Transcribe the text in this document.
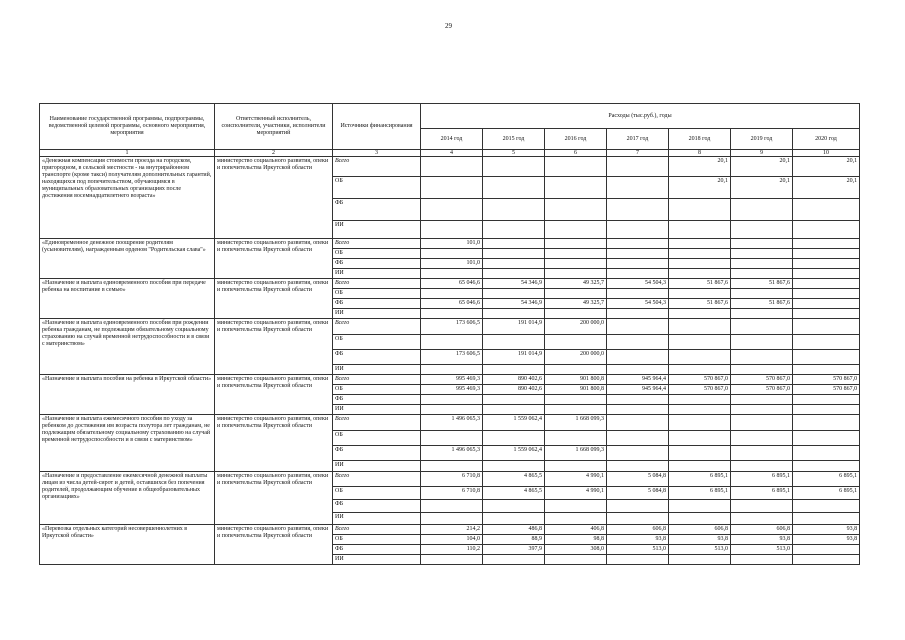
29
Наименование государственной программы, подпрограммы, ведомственной целевой программы, основного мероприятия, мероприятия	Ответственный исполнитель, соисполнители, участники, исполнители мероприятий	Источники финансирования	Расходы (тыс.руб.), годы						
			2014 год	2015 год	2016 год	2017 год	2018 год	2019 год	2020 год
1	2	3	4	5	6	7	8	9	10
«Денежная компенсация стоимости проезда на городском, пригородном, в сельской местности - на внутрирайонном транспорте (кроме такси) получателям дополнительных гарантий, находящихся под попечительством, обучающимся в муниципальных образовательных организациях после достижения восемнадцатилетнего возраста»	министерство социального развития, опеки и попечительства Иркутской области	Всего					20,1	20,1	20,1
		ОБ					20,1	20,1	20,1
		ФБ							
		ИИ							
«Единовременное денежное поощрение родителям (усыновителям), награжденным орденом "Родительская слава"»	министерство социального развития, опеки и попечительства Иркутской области	Всего	101,0						
		ОБ							
		ФБ	101,0						
		ИИ							
«Назначение и выплата единовременного пособия при передаче ребенка на воспитание в семью»	министерство социального развития, опеки и попечительства Иркутской области	Всего	65 046,6	54 346,9	49 325,7	54 504,3	51 867,6	51 867,6	
		ОБ							
		ФБ	65 046,6	54 346,9	49 325,7	54 504,3	51 867,6	51 867,6	
		ИИ							
«Назначение и выплата единовременного пособия при рождении ребенка гражданам, не подлежащим обязательному социальному страхованию на случай временной нетрудоспособности и в связи с материнством»	министерство социального развития, опеки и попечительства Иркутской области	Всего	173 606,5	191 014,9	200 000,0				
		ОБ							
		ФБ	173 606,5	191 014,9	200 000,0				
		ИИ							
«Назначение и выплата пособия на ребенка в Иркутской области»	министерство социального развития, опеки и попечительства Иркутской области	Всего	995 469,3	890 402,6	901 800,8	945 964,4	570 867,0	570 867,0	570 867,0
		ОБ	995 469,3	890 402,6	901 800,8	945 964,4	570 867,0	570 867,0	570 867,0
		ФБ							
		ИИ							
«Назначение и выплата ежемесячного пособия по уходу за ребенком до достижения им возраста полутора лет гражданам, не подлежащим обязательному социальному страхованию на случай временной нетрудоспособности и в связи с материнством»	министерство социального развития, опеки и попечительства Иркутской области	Всего	1 496 065,3	1 559 062,4	1 668 099,3				
		ОБ							
		ФБ	1 496 065,3	1 559 062,4	1 668 099,3				
		ИИ							
«Назначение и предоставление ежемесячной денежной выплаты лицам из числа детей-сирот и детей, оставшихся без попечения родителей, продолжающим обучение в общеобразовательных организациях»	министерство социального развития, опеки и попечительства Иркутской области	Всего	6 710,8	4 865,5	4 990,1	5 084,8	6 895,1	6 895,1	6 895,1
		ОБ	6 710,8	4 865,5	4 990,1	5 084,8	6 895,1	6 895,1	6 895,1
		ФБ							
		ИИ							
«Перевозка отдельных категорий несовершеннолетних в Иркутской области»	министерство социального развития, опеки и попечительства Иркутской области	Всего	214,2	486,8	406,8	606,8	606,8	606,8	93,8
		ОБ	104,0	88,9	98,8	93,8	93,8	93,8	93,8
		ФБ	110,2	397,9	308,0	513,0	513,0	513,0	
		ИИ							
